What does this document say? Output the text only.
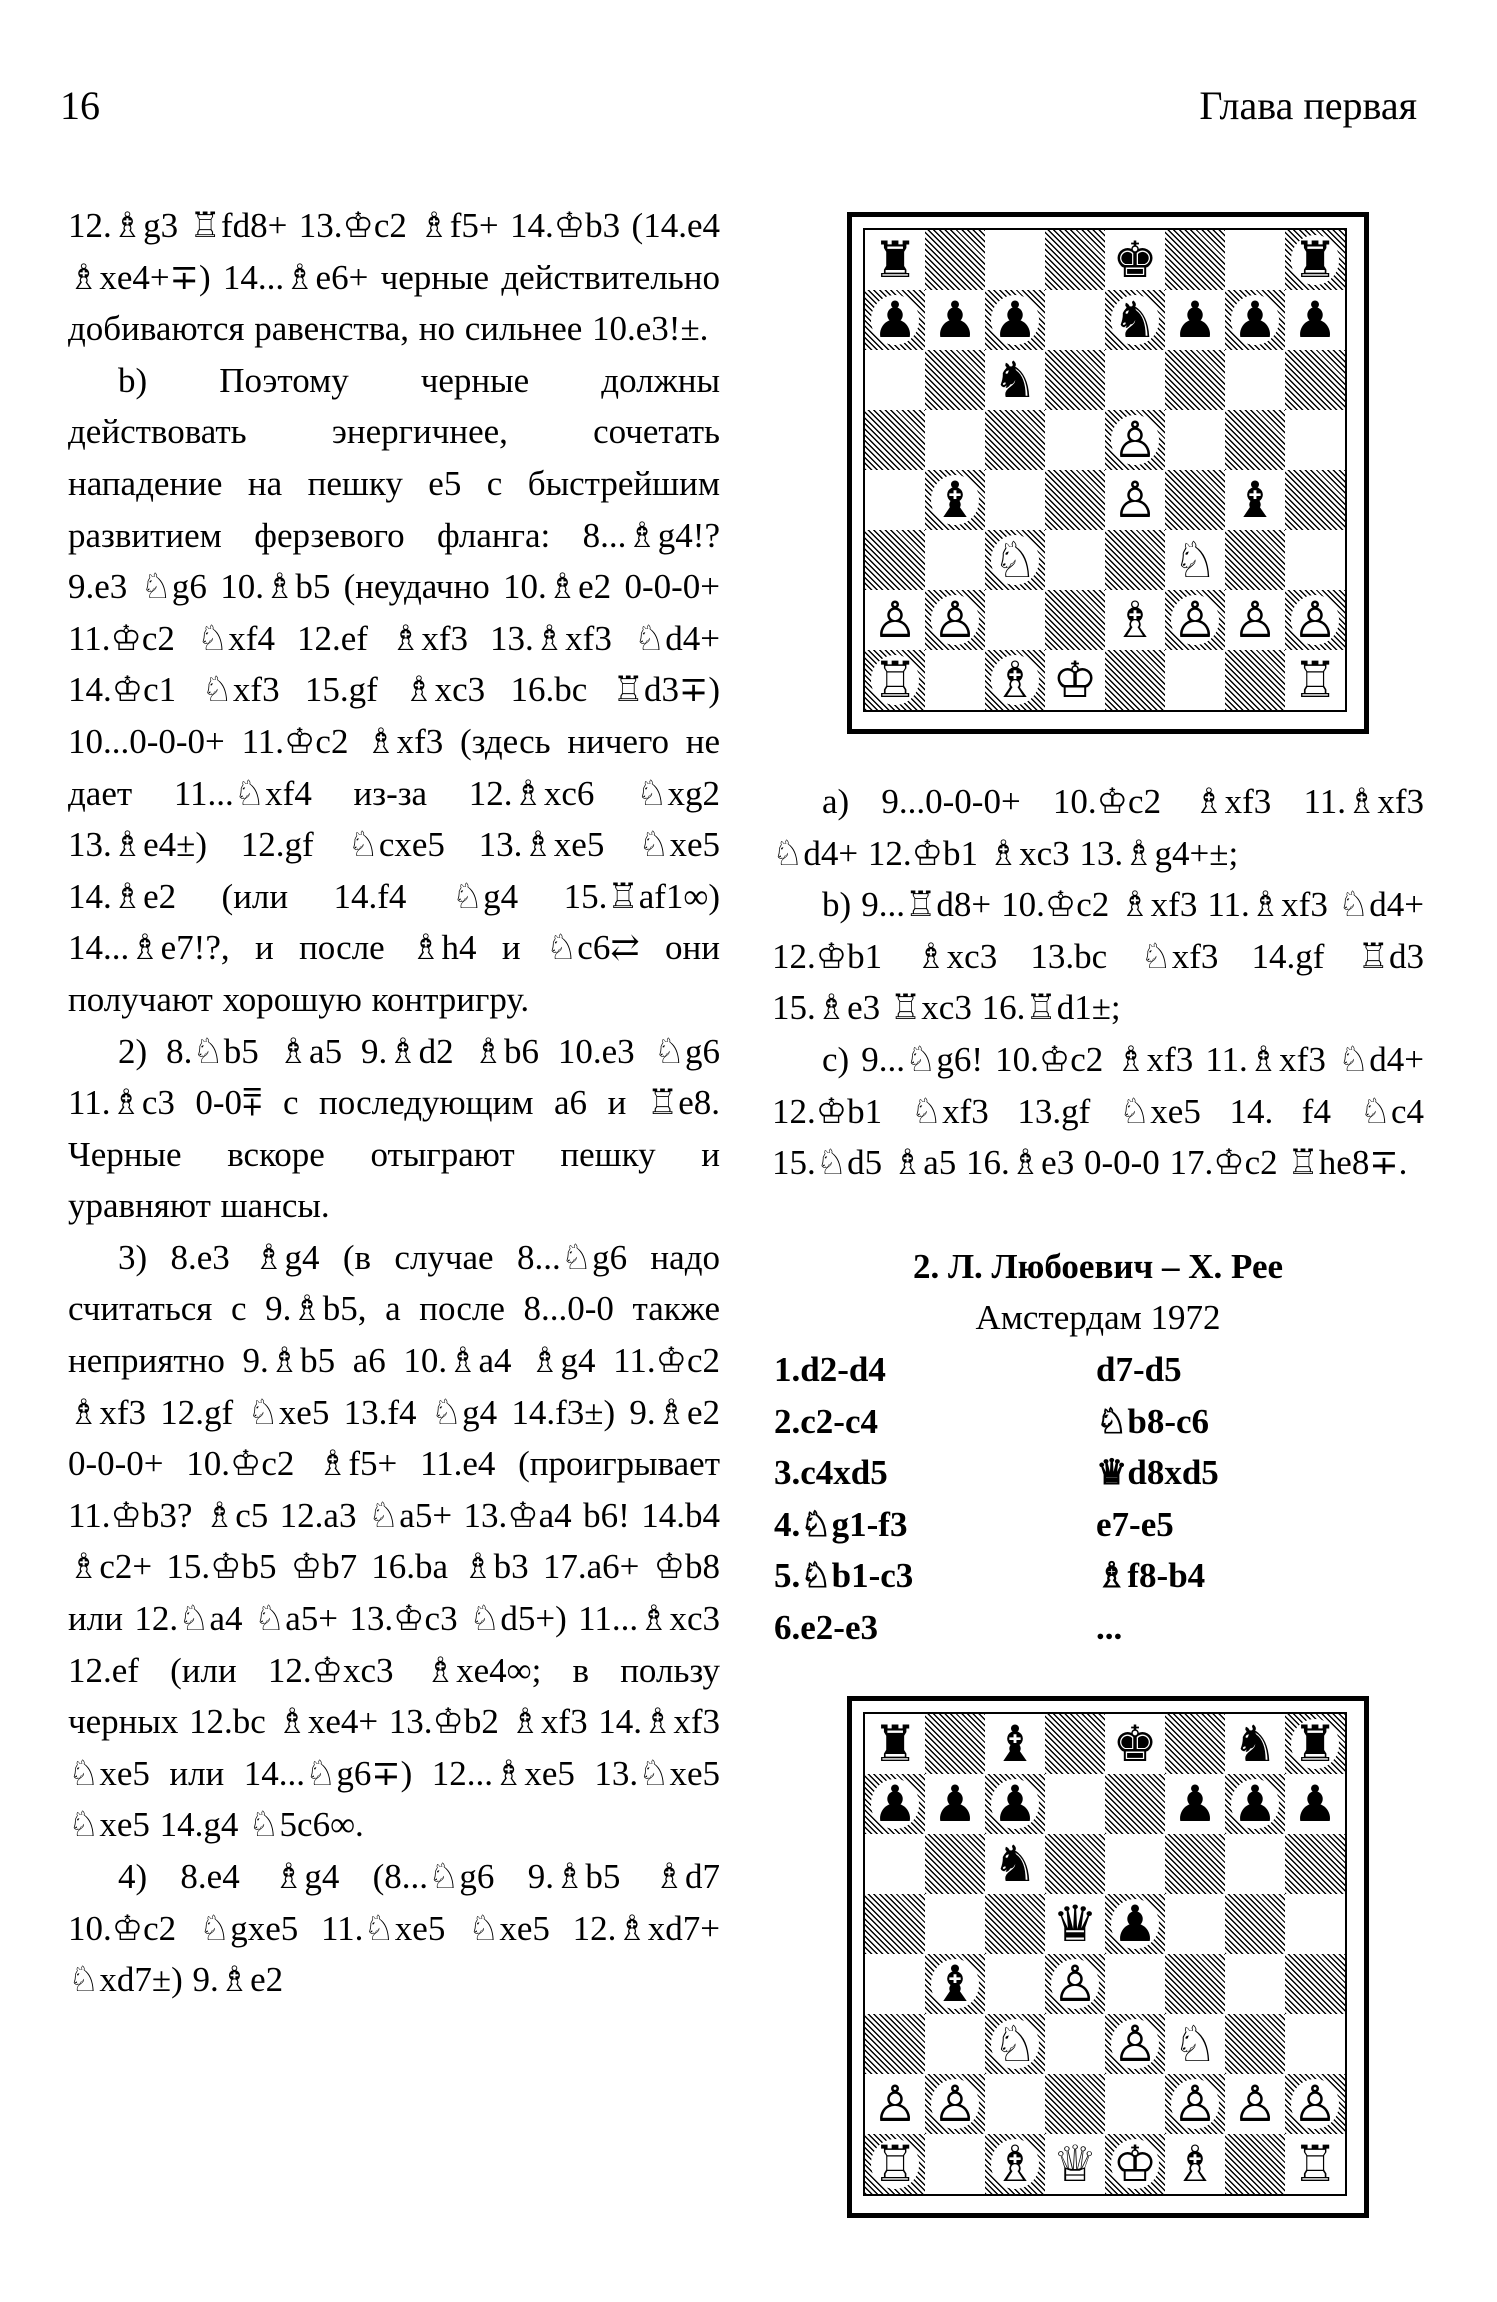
16	Глава первая

12.♗g3 ♖fd8+ 13.♔c2 ♗f5+ 14.♔b3 (14.e4 ♗xe4+∓) 14...♗e6+ черные действительно добиваются равенства, но сильнее 10.e3!±.

b) Поэтому черные должны действовать энергичнее, сочетать нападение на пешку e5 с быстрейшим развитием ферзевого фланга: 8...♗g4!? 9.e3 ♘g6 10.♗b5 (неудачно 10.♗e2 0-0-0+ 11.♔c2 ♘xf4 12.ef ♗xf3 13.♗xf3 ♘d4+ 14.♔c1 ♘xf3 15.gf ♗xc3 16.bc ♖d3∓) 10...0-0-0+ 11.♔c2 ♗xf3 (здесь ничего не дает 11...♘xf4 из-за 12.♗xc6 ♘xg2 13.♗e4±) 12.gf ♘cxe5 13.♗xe5 ♘xe5 14.♗e2 (или 14.f4 ♘g4 15.♖af1∞) 14...♗e7!?, и после ♗h4 и ♘c6⇄ они получают хорошую контригру.

2) 8.♘b5 ♗a5 9.♗d2 ♗b6 10.e3 ♘g6 11.♗c3 0-0⩱ с последующим a6 и ♖e8. Черные вскоре отыграют пешку и уравняют шансы.

3) 8.e3 ♗g4 (в случае 8...♘g6 надо считаться с 9.♗b5, а после 8...0-0 также неприятно 9.♗b5 a6 10.♗a4 ♗g4 11.♔c2 ♗xf3 12.gf ♘xe5 13.f4 ♘g4 14.f3±) 9.♗e2 0-0-0+ 10.♔c2 ♗f5+ 11.e4 (проигрывает 11.♔b3? ♗c5 12.a3 ♘a5+ 13.♔a4 b6! 14.b4 ♗c2+ 15.♔b5 ♔b7 16.ba ♗b3 17.a6+ ♔b8 или 12.♘a4 ♘a5+ 13.♔c3 ♘d5+) 11...♗xc3 12.ef (или 12.♔xc3 ♗xe4∞; в пользу черных 12.bc ♗xe4+ 13.♔b2 ♗xf3 14.♗xf3 ♘xe5 или 14...♘g6∓) 12...♗xe5 13.♘xe5 ♘xe5 14.g4 ♘5c6∞.

4) 8.e4 ♗g4 (8...♘g6 9.♗b5 ♗d7 10.♔c2 ♘gxe5 11.♘xe5 ♘xe5 12.♗xd7+ ♘xd7±) 9.♗e2

♜	♚	♜
♟ ♟ ♟ ♞ ♟ ♟ ♟
♞
♙
♝	♙ ♝
♘	♘
♙ ♙	♗ ♙ ♙ ♙
♖ ♗ ♔	♖

a) 9...0-0-0+ 10.♔c2 ♗xf3 11.♗xf3 ♘d4+ 12.♔b1 ♗xc3 13.♗g4+±;

b) 9...♖d8+ 10.♔c2 ♗xf3 11.♗xf3 ♘d4+ 12.♔b1 ♗xc3 13.bc ♘xf3 14.gf ♖d3 15.♗e3 ♖xc3 16.♖d1±;

c) 9...♘g6! 10.♔c2 ♗xf3 11.♗xf3 ♘d4+ 12.♔b1 ♘xf3 13.gf ♘xe5 14. f4 ♘c4 15.♘d5 ♗a5 16.♗e3 0-0-0 17.♔c2 ♖he8∓.

2. Л. Любоевич – Х. Рее
Амстердам 1972
1.d2-d4	d7-d5
2.c2-c4	♘b8-c6
3.c4xd5	♛d8xd5
4.♘g1-f3	e7-e5
5.♘b1-c3	♗f8-b4
6.e2-e3	...
♜ ♝ ♚ ♞ ♜
♟ ♟ ♟	♟ ♟ ♟
♞
♛ ♟
♝ ♙
♘ ♙ ♘
♙ ♙	♙ ♙ ♙
♖ ♗ ♕ ♔ ♗ ♖
